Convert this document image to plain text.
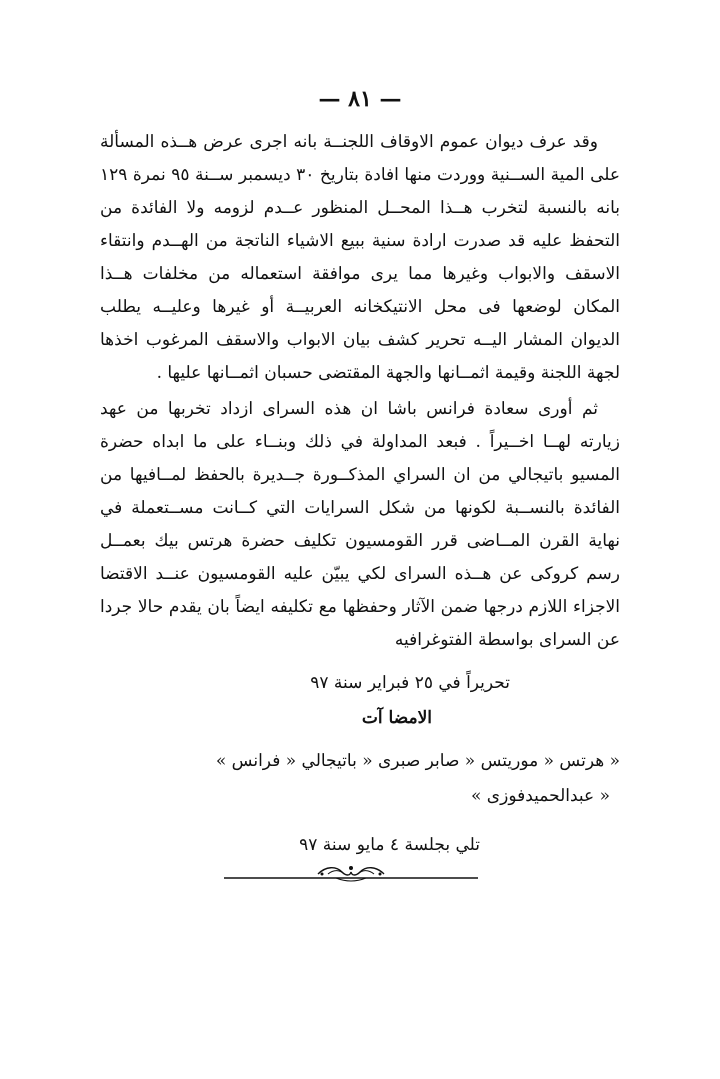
— ٨١ —

وقد عرف ديوان عموم الاوقاف اللجنــة بانه اجرى عرض هــذه المسألة على المية الســنية ووردت منها افادة بتاريخ ٣٠ ديسمبر ســنة ٩٥ نمرة ١٢٩ بانه بالنسبة لتخرب هــذا المحــل المنظور عــدم لزومه ولا الفائدة من التحفظ عليه قد صدرت ارادة سنية ببيع الاشياء الناتجة من الهــدم وانتقاء الاسقف والابواب وغيرها مما يرى موافقة استعماله من مخلفات هــذا المكان لوضعها فى محل الانتيكخانه العربيــة أو غيرها وعليــه يطلب الديوان المشار اليــه تحرير كشف بيان الابواب والاسقف المرغوب اخذها لجهة اللجنة وقيمة اثمــانها والجهة المقتضى حسبان اثمــانها عليها .

ثم أورى سعادة فرانس باشا ان هذه السراى ازداد تخربها من عهد زيارته لهــا اخــيراً . فبعد المداولة في ذلك وبنــاء على ما ابداه حضرة المسيو باتيجالي من ان السراي المذكــورة جــديرة بالحفظ لمــافيها من الفائدة بالنســبة لكونها من شكل السرايات التي كــانت مســتعملة في نهاية القرن المــاضى قرر القومسيون تكليف حضرة هرتس بيك بعمــل رسم كروكى عن هــذه السراى لكي يبيّن عليه القومسيون عنــد الاقتضا الاجزاء اللازم درجها ضمن الآثار وحفظها مع تكليفه ايضاً بان يقدم حالا جردا عن السراى بواسطة الفتوغرافيه

تحريراً في ٢٥ فبراير سنة ٩٧

الامضا آت

« هرتس « موريتس « صابر صبرى « باتيجالي « فرانس »

« عبدالحميدفوزى »

تلي بجلسة ٤ مايو سنة ٩٧
